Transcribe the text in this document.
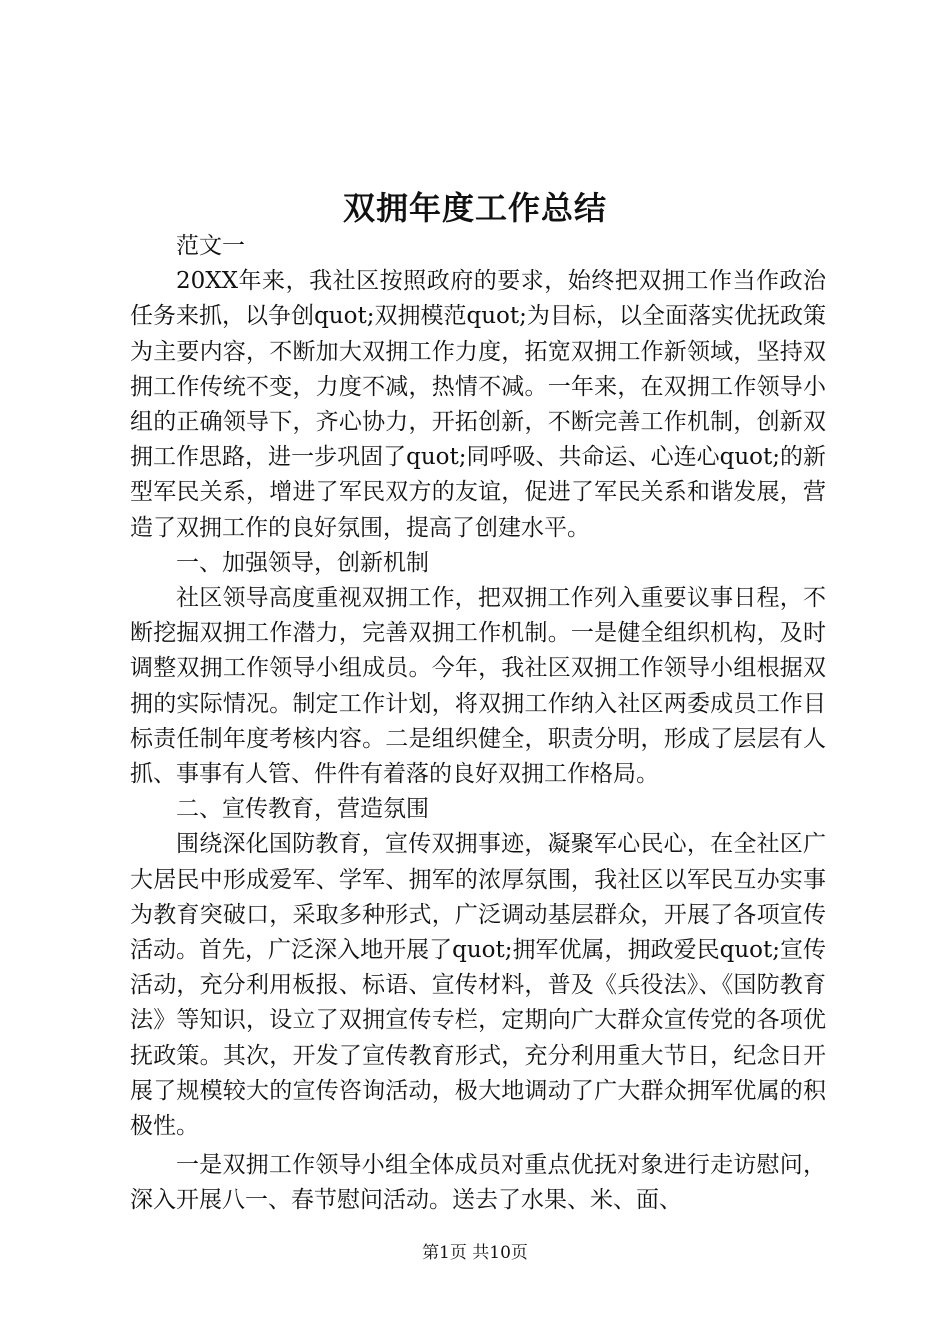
双拥年度工作总结

范文一

20XX年来，我社区按照政府的要求，始终把双拥工作当作政治任务来抓，以争创quot;双拥模范quot;为目标，以全面落实优抚政策为主要内容，不断加大双拥工作力度，拓宽双拥工作新领域，坚持双拥工作传统不变，力度不减，热情不减。一年来，在双拥工作领导小组的正确领导下，齐心协力，开拓创新，不断完善工作机制，创新双拥工作思路，进一步巩固了quot;同呼吸、共命运、心连心quot;的新型军民关系，增进了军民双方的友谊，促进了军民关系和谐发展，营造了双拥工作的良好氛围，提高了创建水平。

一、加强领导，创新机制

社区领导高度重视双拥工作，把双拥工作列入重要议事日程，不断挖掘双拥工作潜力，完善双拥工作机制。一是健全组织机构，及时调整双拥工作领导小组成员。今年，我社区双拥工作领导小组根据双拥的实际情况。制定工作计划，将双拥工作纳入社区两委成员工作目标责任制年度考核内容。二是组织健全，职责分明，形成了层层有人抓、事事有人管、件件有着落的良好双拥工作格局。

二、宣传教育，营造氛围

围绕深化国防教育，宣传双拥事迹，凝聚军心民心，在全社区广大居民中形成爱军、学军、拥军的浓厚氛围，我社区以军民互办实事为教育突破口，采取多种形式，广泛调动基层群众，开展了各项宣传活动。首先，广泛深入地开展了quot;拥军优属，拥政爱民quot;宣传活动，充分利用板报、标语、宣传材料，普及《兵役法》、《国防教育法》等知识，设立了双拥宣传专栏，定期向广大群众宣传党的各项优抚政策。其次，开发了宣传教育形式，充分利用重大节日，纪念日开展了规模较大的宣传咨询活动，极大地调动了广大群众拥军优属的积极性。

一是双拥工作领导小组全体成员对重点优抚对象进行走访慰问，深入开展八一、春节慰问活动。送去了水果、米、面、

第1页 共10页
